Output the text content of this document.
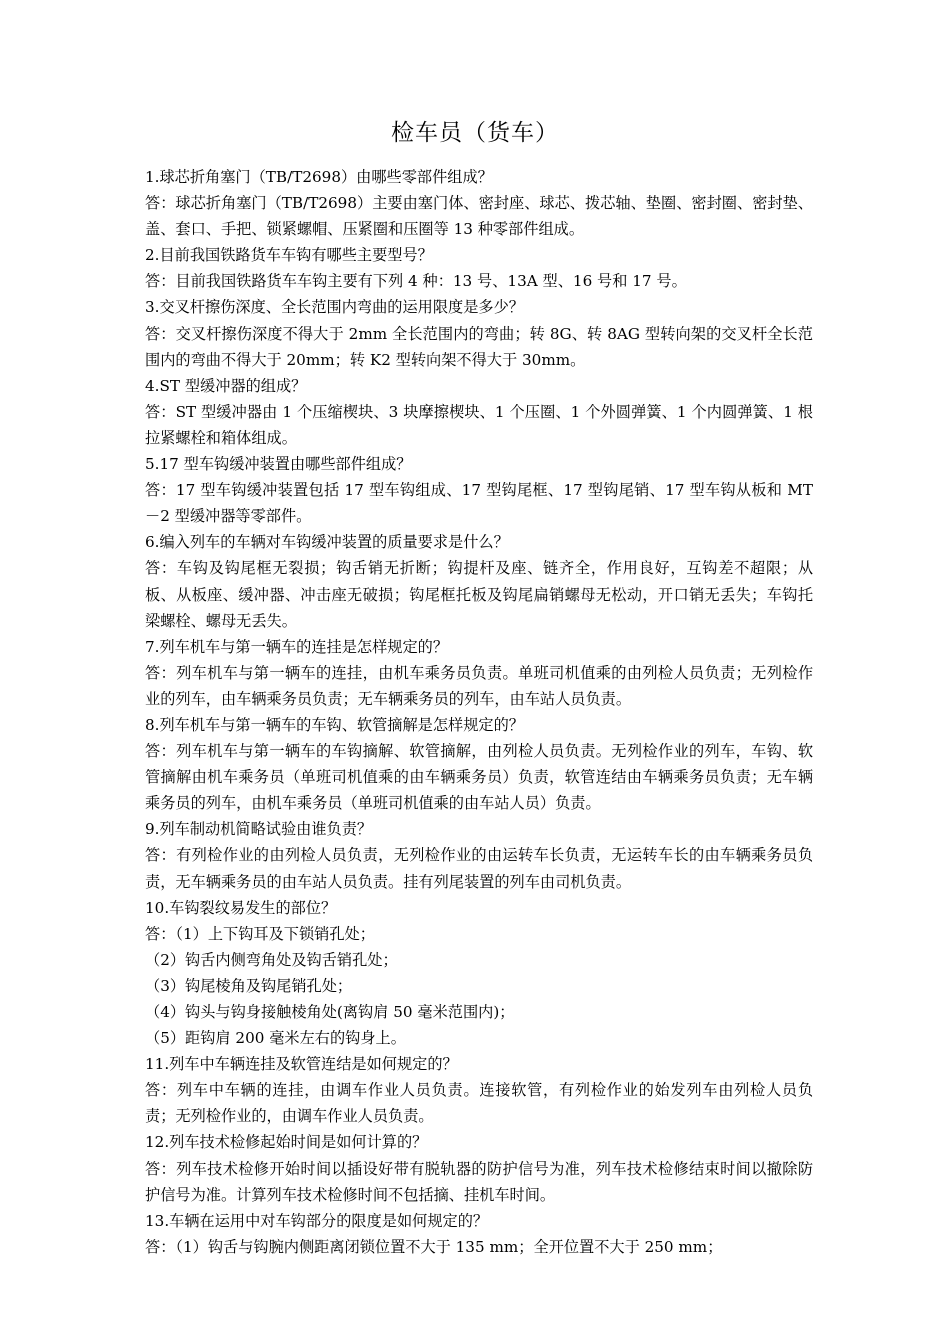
检车员（货车）

1.球芯折角塞门（TB/T2698）由哪些零部件组成？

答：球芯折角塞门（TB/T2698）主要由塞门体、密封座、球芯、拨芯轴、垫圈、密封圈、密封垫、盖、套口、手把、锁紧螺帽、压紧圈和压圈等 13 种零部件组成。

2.目前我国铁路货车车钩有哪些主要型号？

答：目前我国铁路货车车钩主要有下列 4 种：13 号、13A 型、16 号和 17 号。

3.交叉杆擦伤深度、全长范围内弯曲的运用限度是多少？

答：交叉杆擦伤深度不得大于 2mm 全长范围内的弯曲；转 8G、转 8AG 型转向架的交叉杆全长范围内的弯曲不得大于 20mm；转 K2 型转向架不得大于 30mm。

4.ST 型缓冲器的组成？

答：ST 型缓冲器由 1 个压缩楔块、3 块摩擦楔块、1 个压圈、1 个外圆弹簧、1 个内圆弹簧、1 根拉紧螺栓和箱体组成。

5.17 型车钩缓冲装置由哪些部件组成？

答：17 型车钩缓冲装置包括 17 型车钩组成、17 型钩尾框、17 型钩尾销、17 型车钩从板和 MT－2 型缓冲器等零部件。

6.编入列车的车辆对车钩缓冲装置的质量要求是什么？

答：车钩及钩尾框无裂损；钩舌销无折断；钩提杆及座、链齐全，作用良好，互钩差不超限；从板、从板座、缓冲器、冲击座无破损；钩尾框托板及钩尾扁销螺母无松动，开口销无丢失；车钩托梁螺栓、螺母无丢失。

7.列车机车与第一辆车的连挂是怎样规定的？

答：列车机车与第一辆车的连挂，由机车乘务员负责。单班司机值乘的由列检人员负责；无列检作业的列车，由车辆乘务员负责；无车辆乘务员的列车，由车站人员负责。

8.列车机车与第一辆车的车钩、软管摘解是怎样规定的？

答：列车机车与第一辆车的车钩摘解、软管摘解，由列检人员负责。无列检作业的列车，车钩、软管摘解由机车乘务员（单班司机值乘的由车辆乘务员）负责，软管连结由车辆乘务员负责；无车辆乘务员的列车，由机车乘务员（单班司机值乘的由车站人员）负责。

9.列车制动机简略试验由谁负责？

答：有列检作业的由列检人员负责，无列检作业的由运转车长负责，无运转车长的由车辆乘务员负责，无车辆乘务员的由车站人员负责。挂有列尾装置的列车由司机负责。

10.车钩裂纹易发生的部位？

答：（1）上下钩耳及下锁销孔处；

（2）钩舌内侧弯角处及钩舌销孔处；

（3）钩尾棱角及钩尾销孔处；

（4）钩头与钩身接触棱角处(离钩肩 50 毫米范围内)；

（5）距钩肩 200 毫米左右的钩身上。

11.列车中车辆连挂及软管连结是如何规定的？

答：列车中车辆的连挂，由调车作业人员负责。连接软管，有列检作业的始发列车由列检人员负责；无列检作业的，由调车作业人员负责。

12.列车技术检修起始时间是如何计算的？

答：列车技术检修开始时间以插设好带有脱轨器的防护信号为准，列车技术检修结束时间以撤除防护信号为准。计算列车技术检修时间不包括摘、挂机车时间。

13.车辆在运用中对车钩部分的限度是如何规定的？

答：（1）钩舌与钩腕内侧距离闭锁位置不大于 135 mm；全开位置不大于 250 mm；
